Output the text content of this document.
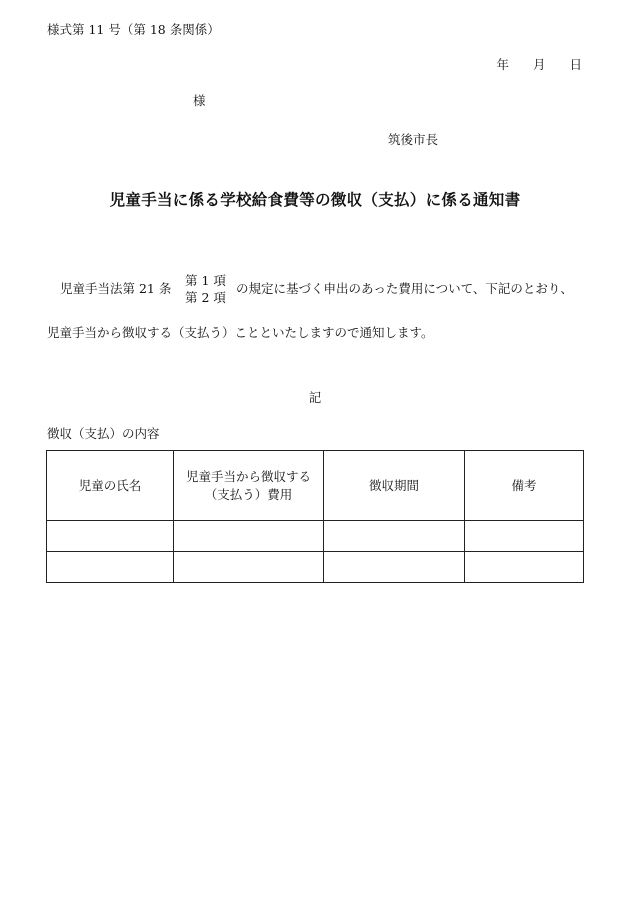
様式第 11 号（第 18 条関係）
年 月 日
様
筑後市長
児童手当に係る学校給食費等の徴収（支払）に係る通知書
児童手当法第 21 条
第 1 項
第 2 項
の規定に基づく申出のあった費用について、下記のとおり、
児童手当から徴収する（支払う）ことといたしますので通知します。
記
徴収（支払）の内容
児童の氏名	児童手当から徴収する
（支払う）費用	徴収期間	備考
